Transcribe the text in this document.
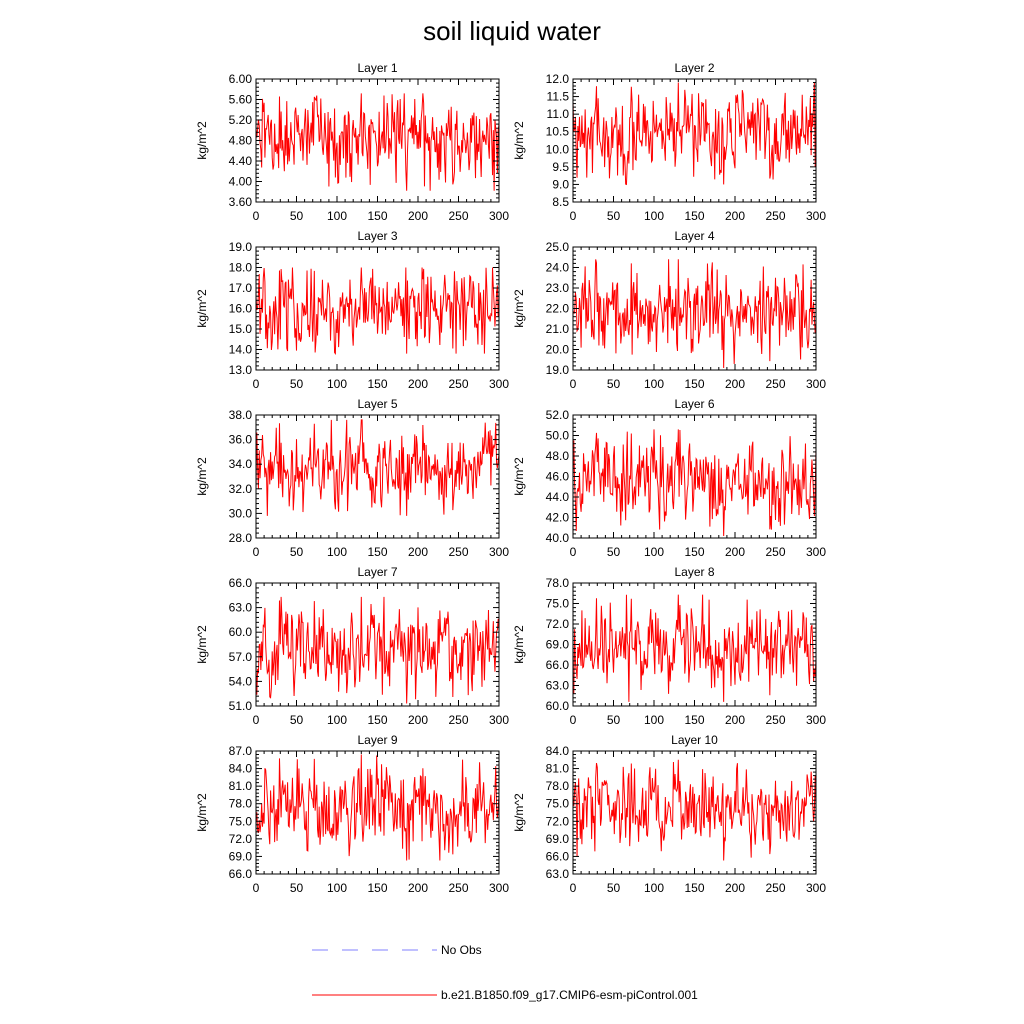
soil liquid water
Layer 1
0	50 100 150 200 250 300
3.60
4.00
4.40
4.80
5.20
5.60
6.00
kg/m^2
Layer 2
0	50 100 150 200 250 300
8.5
9.0
9.5
10.0
10.5
11.0
11.5
12.0
kg/m^2
Layer 3
0	50 100 150 200 250 300
13.0
14.0
15.0
16.0
17.0
18.0
19.0
kg/m^2
Layer 4
0	50 100 150 200 250 300
19.0
20.0
21.0
22.0
23.0
24.0
25.0
kg/m^2
Layer 5
0	50 100 150 200 250 300
28.0
30.0
32.0
34.0
36.0
38.0
kg/m^2
Layer 6
0	50 100 150 200 250 300
40.0
42.0
44.0
46.0
48.0
50.0
52.0
kg/m^2
Layer 7
0	50 100 150 200 250 300
51.0
54.0
57.0
60.0
63.0
66.0
kg/m^2
Layer 8
0	50 100 150 200 250 300
60.0
63.0
66.0
69.0
72.0
75.0
78.0
kg/m^2
Layer 9
0	50 100 150 200 250 300
66.0
69.0
72.0
75.0
78.0
81.0
84.0
87.0
kg/m^2
Layer 10
0	50 100 150 200 250 300
63.0
66.0
69.0
72.0
75.0
78.0
81.0
84.0
kg/m^2
No Obs
b.e21.B1850.f09_g17.CMIP6-esm-piControl.001
